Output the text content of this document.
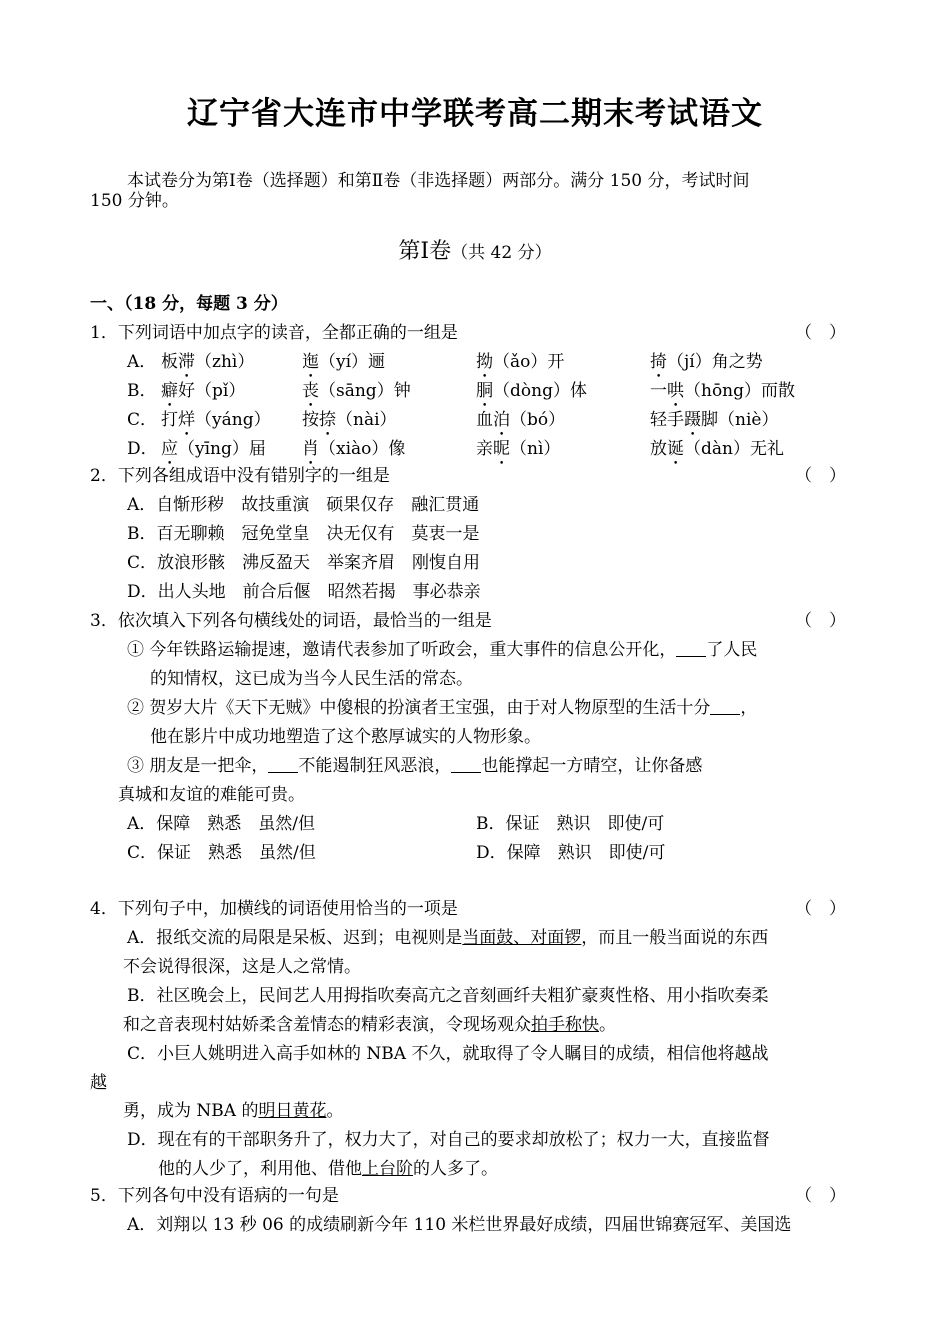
辽宁省大连市中学联考高二期末考试语文
本试卷分为第Ⅰ卷（选择题）和第Ⅱ卷（非选择题）两部分。满分 150 分，考试时间
150 分钟。
第Ⅰ卷（共 42 分）
一、（18 分，每题 3 分）
1．下列词语中加点字的读音，全都正确的一组是	（　）
A． 板滞（zhì）	迤（yí）逦	拗（ǎo）开	掎（jí）角之势
B． 癖好（pǐ）	丧（sāng）钟	胴（dòng）体	一哄（hōng）而散
C． 打烊（yáng） 按捺（nài）	血泊（bó）	轻手蹑脚（niè）
D． 应（yīng）届 肖（xiào）像	亲昵（nì）	放诞（dàn）无礼
2．下列各组成语中没有错别字的一组是	（　）
A．自惭形秽　故技重演　硕果仅存　融汇贯通
B．百无聊赖　冠免堂皇　决无仅有　莫衷一是
C．放浪形骸　沸反盈天　举案齐眉　刚愎自用
D．出人头地　前合后偃　昭然若揭　事必恭亲
3．依次填入下列各句横线处的词语，最恰当的一组是	（　）
① 今年铁路运输提速，邀请代表参加了听政会，重大事件的信息公开化， 了人民
的知情权，这已成为当今人民生活的常态。
② 贺岁大片《天下无贼》中傻根的扮演者王宝强，由于对人物原型的生活十分 ，
他在影片中成功地塑造了这个憨厚诚实的人物形象。
③ 朋友是一把伞， 不能遏制狂风恶浪， 也能撑起一方晴空，让你备感
真城和友谊的难能可贵。
A．保障　熟悉　虽然/但	B．保证　熟识　即使/可
C．保证　熟悉　虽然/但	D．保障　熟识　即使/可
4．下列句子中，加横线的词语使用恰当的一项是	（　）
A．报纸交流的局限是呆板、迟到；电视则是当面鼓、对面锣，而且一般当面说的东西
不会说得很深，这是人之常情。
B．社区晚会上，民间艺人用拇指吹奏高亢之音刻画纤夫粗犷豪爽性格、用小指吹奏柔
和之音表现村姑娇柔含羞情态的精彩表演，令现场观众拍手称快。
C．小巨人姚明进入高手如林的 NBA 不久，就取得了令人瞩目的成绩，相信他将越战
越
勇，成为 NBA 的明日黄花。
D．现在有的干部职务升了，权力大了，对自己的要求却放松了；权力一大，直接监督
他的人少了，利用他、借他上台阶的人多了。
5．下列各句中没有语病的一句是	（　）
A．刘翔以 13 秒 06 的成绩刷新今年 110 米栏世界最好成绩，四届世锦赛冠军、美国选
